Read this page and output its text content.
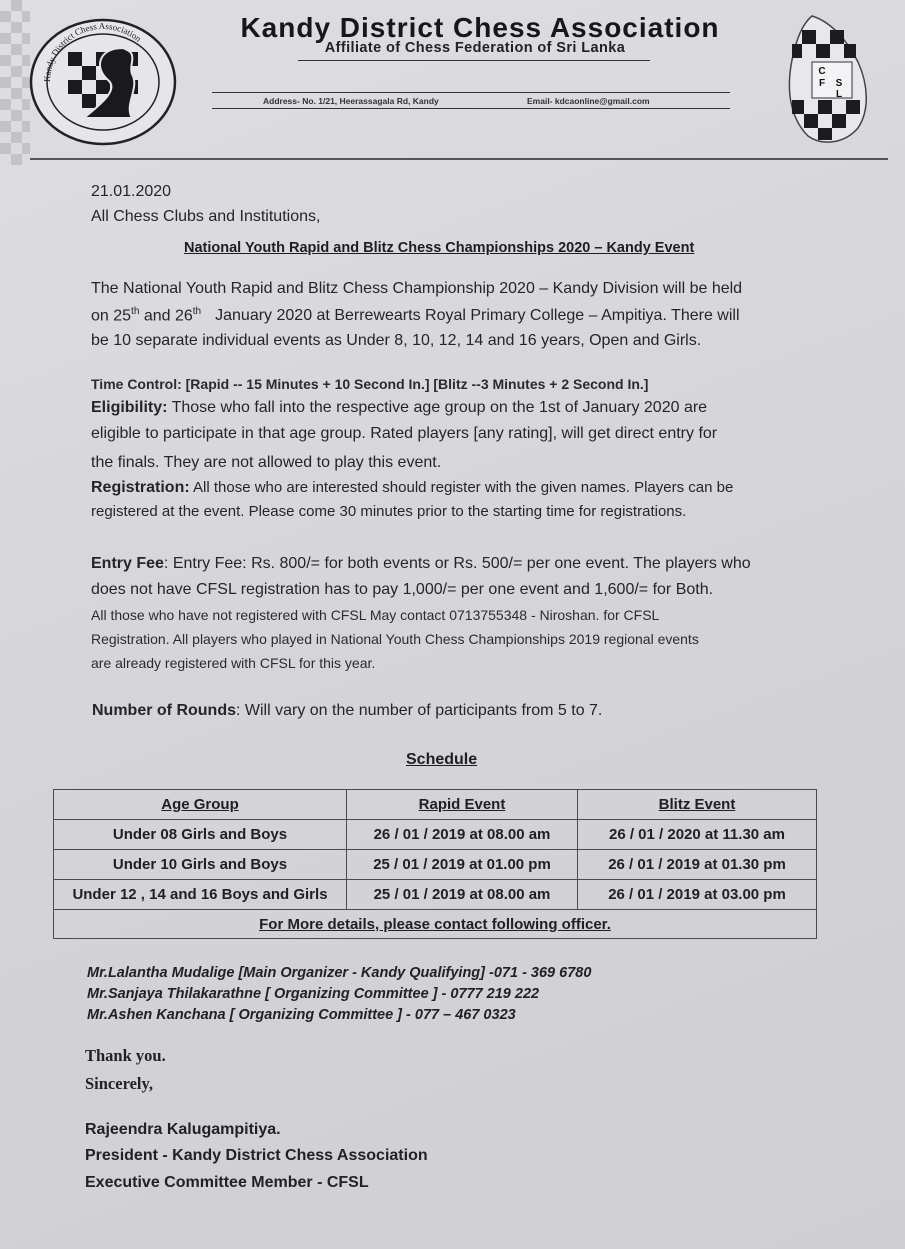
Kandy District Chess Association
C
F S
L
Kandy District Chess Association
Affiliate of Chess Federation of Sri Lanka
Address- No. 1/21, Heerassagala Rd, Kandy	Email- kdcaonline@gmail.com
21.01.2020
All Chess Clubs and Institutions,
National Youth Rapid and Blitz Chess Championships 2020 – Kandy Event
The National Youth Rapid and Blitz Chess Championship 2020 – Kandy Division will be held
on 25th and 26th January 2020 at Berrewearts Royal Primary College – Ampitiya. There will
be 10 separate individual events as Under 8, 10, 12, 14 and 16 years, Open and Girls.
Time Control: [Rapid -- 15 Minutes + 10 Second In.] [Blitz --3 Minutes + 2 Second In.]
Eligibility: Those who fall into the respective age group on the 1st of January 2020 are
eligible to participate in that age group. Rated players [any rating], will get direct entry for
the finals. They are not allowed to play this event.
Registration: All those who are interested should register with the given names. Players can be
registered at the event. Please come 30 minutes prior to the starting time for registrations.
Entry Fee: Entry Fee: Rs. 800/= for both events or Rs. 500/= per one event. The players who
does not have CFSL registration has to pay 1,000/= per one event and 1,600/= for Both.
All those who have not registered with CFSL May contact 0713755348 - Niroshan. for CFSL
Registration. All players who played in National Youth Chess Championships 2019 regional events
are already registered with CFSL for this year.
Number of Rounds: Will vary on the number of participants from 5 to 7.
Schedule
Age Group	Rapid Event	Blitz Event
Under 08 Girls and Boys	26 / 01 / 2019 at 08.00 am	26 / 01 / 2020 at 11.30 am
Under 10 Girls and Boys	25 / 01 / 2019 at 01.00 pm	26 / 01 / 2019 at 01.30 pm
Under 12 , 14 and 16 Boys and Girls	25 / 01 / 2019 at 08.00 am	26 / 01 / 2019 at 03.00 pm
For More details, please contact following officer.		
Mr.Lalantha Mudalige [Main Organizer - Kandy Qualifying] -071 - 369 6780
Mr.Sanjaya Thilakarathne [ Organizing Committee ] - 0777 219 222
Mr.Ashen Kanchana [ Organizing Committee ] - 077 – 467 0323
Thank you.
Sincerely,
Rajeendra Kalugampitiya.
President - Kandy District Chess Association
Executive Committee Member - CFSL
